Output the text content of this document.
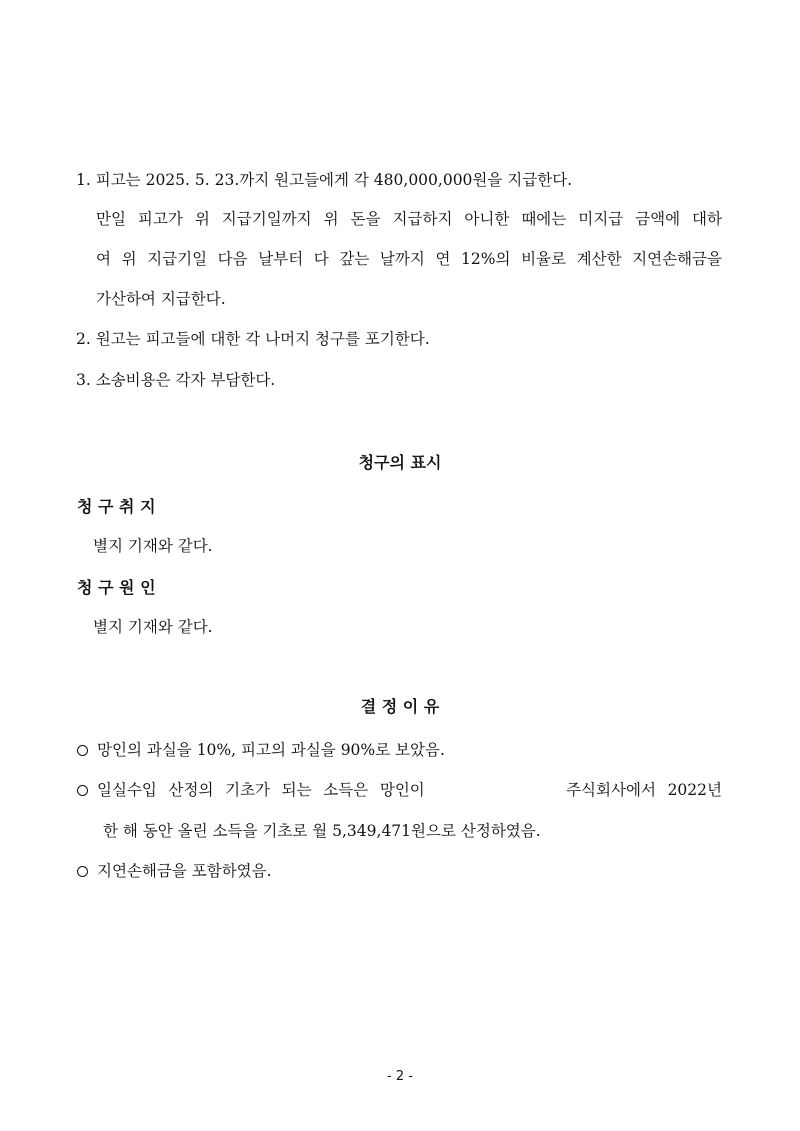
1. 피고는 2025. 5. 23.까지 원고들에게 각 480,000,000원을 지급한다.
만일 피고가 위 지급기일까지 위 돈을 지급하지 아니한 때에는 미지급 금액에 대하
여 위 지급기일 다음 날부터 다 갚는 날까지 연 12%의 비율로 계산한 지연손해금을
가산하여 지급한다.
2. 원고는 피고들에 대한 각 나머지 청구를 포기한다.
3. 소송비용은 각자 부담한다.
청구의 표시
청 구 취 지
별지 기재와 같다.
청 구 원 인
별지 기재와 같다.
결 정 이 유
망인의 과실을 10%, 피고의 과실을 90%로 보았음.
일실수입 산정의 기초가 되는 소득은 망인이	주식회사에서 2022년
한 해 동안 올린 소득을 기초로 월 5,349,471원으로 산정하였음.
지연손해금을 포함하였음.
- 2 -
